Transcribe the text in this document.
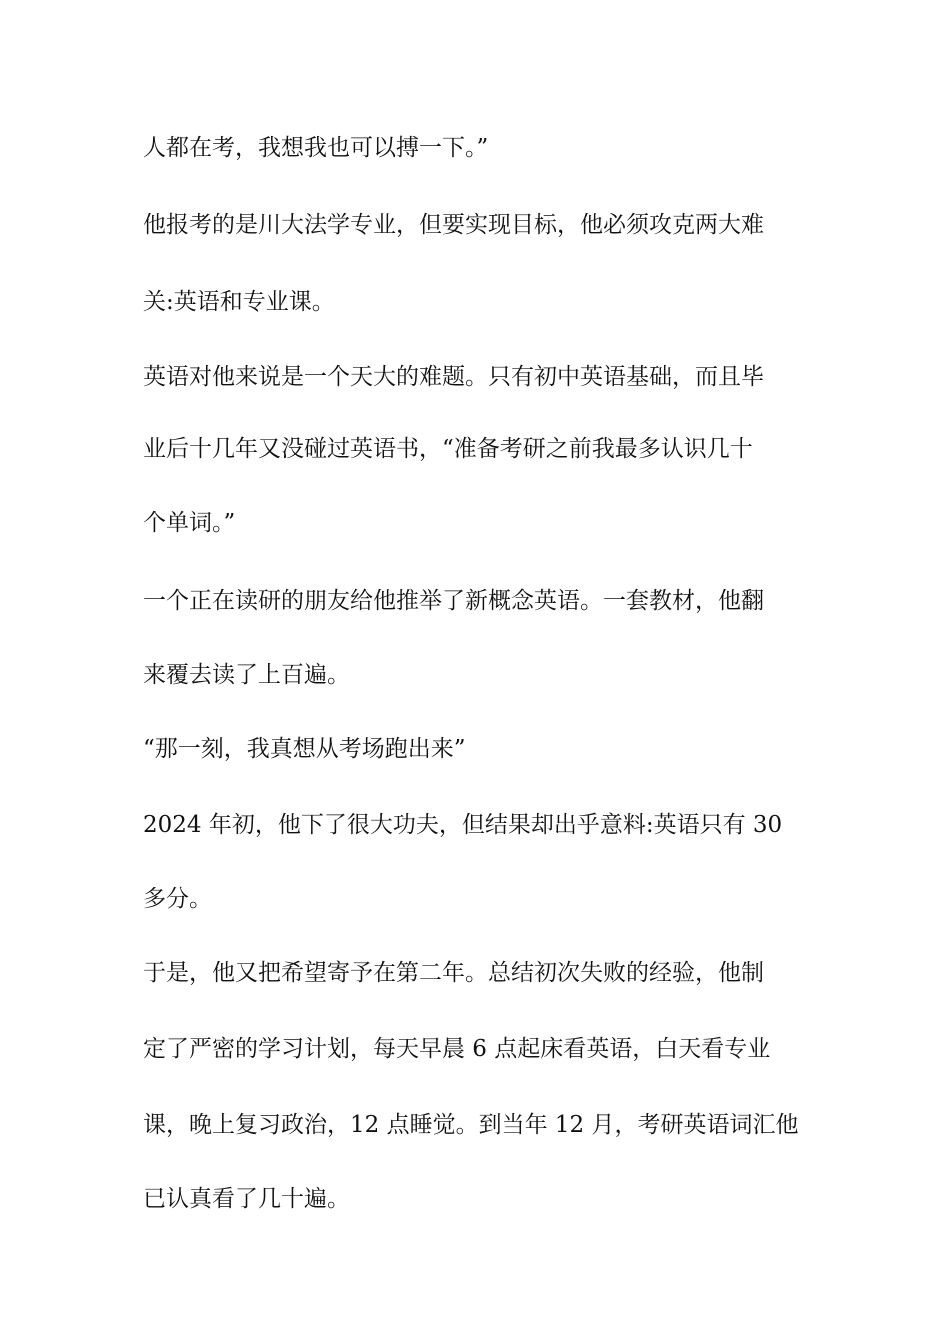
人都在考，我想我也可以搏一下。”

他报考的是川大法学专业，但要实现目标，他必须攻克两大难

关:英语和专业课。

英语对他来说是一个天大的难题。只有初中英语基础，而且毕

业后十几年又没碰过英语书，“准备考研之前我最多认识几十

个单词。”

一个正在读研的朋友给他推举了新概念英语。一套教材，他翻

来覆去读了上百遍。

“那一刻，我真想从考场跑出来”

2024 年初，他下了很大功夫，但结果却出乎意料:英语只有 30

多分。

于是，他又把希望寄予在第二年。总结初次失败的经验，他制

定了严密的学习计划，每天早晨 6 点起床看英语，白天看专业

课，晚上复习政治，12 点睡觉。到当年 12 月，考研英语词汇他

已认真看了几十遍。
